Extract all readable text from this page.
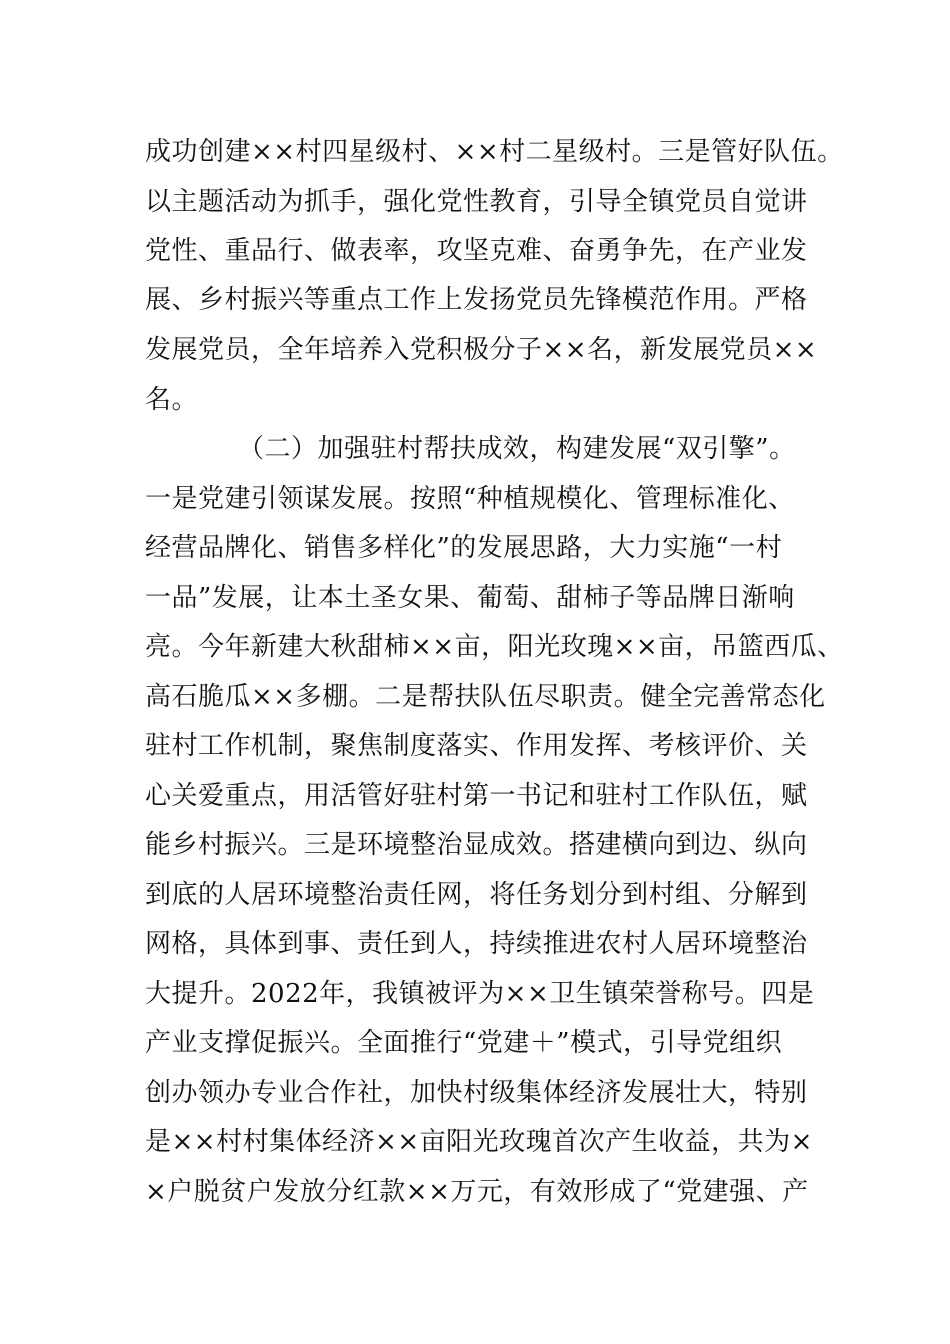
成功创建××村四星级村、××村二星级村。三是管好队伍。
以主题活动为抓手，强化党性教育，引导全镇党员自觉讲
党性、重品行、做表率，攻坚克难、奋勇争先，在产业发
展、乡村振兴等重点工作上发扬党员先锋模范作用。严格
发展党员，全年培养入党积极分子××名，新发展党员××
名。
（二）加强驻村帮扶成效，构建发展“双引擎”。
一是党建引领谋发展。按照“种植规模化、管理标准化、
经营品牌化、销售多样化”的发展思路，大力实施“一村
一品”发展，让本土圣女果、葡萄、甜柿子等品牌日渐响
亮。今年新建大秋甜柿××亩，阳光玫瑰××亩，吊篮西瓜、
高石脆瓜××多棚。二是帮扶队伍尽职责。健全完善常态化
驻村工作机制，聚焦制度落实、作用发挥、考核评价、关
心关爱重点，用活管好驻村第一书记和驻村工作队伍，赋
能乡村振兴。三是环境整治显成效。搭建横向到边、纵向
到底的人居环境整治责任网，将任务划分到村组、分解到
网格，具体到事、责任到人，持续推进农村人居环境整治
大提升。2022年，我镇被评为××卫生镇荣誉称号。四是
产业支撑促振兴。全面推行“党建＋”模式，引导党组织
创办领办专业合作社，加快村级集体经济发展壮大，特别
是××村村集体经济××亩阳光玫瑰首次产生收益，共为×
×户脱贫户发放分红款××万元，有效形成了“党建强、产
